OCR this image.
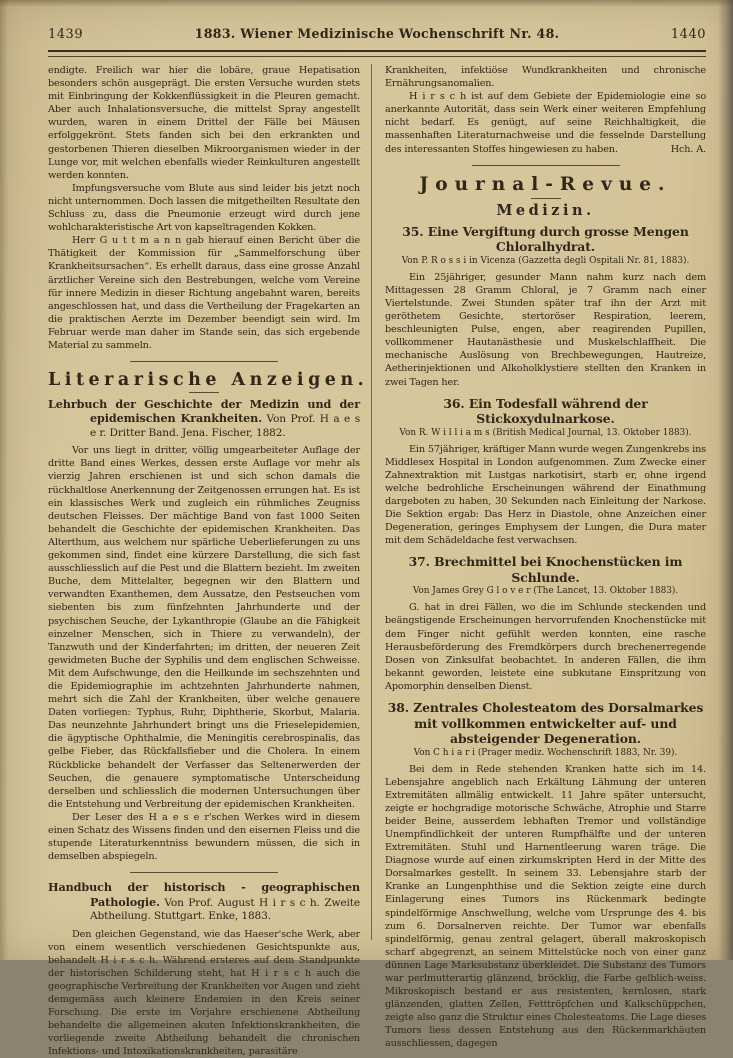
1439	1883. Wiener Medizinische Wochenschrift Nr. 48.	1440

endigte. Freilich war hier die lobäre, graue Hepatisation besonders schön ausgeprägt. Die ersten Versuche wurden stets mit Einbringung der Kokkenflüssigkeit in die Pleuren gemacht. Aber auch Inhalationsversuche, die mittelst Spray angestellt wurden, waren in einem Drittel der Fälle bei Mäusen erfolggekrönt. Stets fanden sich bei den erkrankten und gestorbenen Thieren dieselben Mikroorganismen wieder in der Lunge vor, mit welchen ebenfalls wieder Reinkulturen angestellt werden konnten.

Impfungsversuche vom Blute aus sind leider bis jetzt noch nicht unternommen. Doch lassen die mitgetheilten Resultate den Schluss zu, dass die Pneumonie erzeugt wird durch jene wohlcharakteristische Art von kapseltragenden Kokken.

Herr G u t t m a n n gab hierauf einen Bericht über die Thätigkeit der Kommission für „Sammelforschung über Krankheitsursachen“. Es erhellt daraus, dass eine grosse Anzahl ärztlicher Vereine sich den Bestrebungen, welche vom Vereine für innere Medizin in dieser Richtung angebahnt waren, bereits angeschlossen hat, und dass die Vertheilung der Fragekarten an die praktischen Aerzte im Dezember beendigt sein wird. Im Februar werde man daher im Stande sein, das sich ergebende Material zu sammeln.

Literarische Anzeigen.

Lehrbuch der Geschichte der Medizin und der epidemischen Krankheiten. Von Prof. H a e s e r. Dritter Band. Jena. Fischer, 1882.

Vor uns liegt in dritter, völlig umgearbeiteter Auflage der dritte Band eines Werkes, dessen erste Auflage vor mehr als vierzig Jahren erschienen ist und sich schon damals die rückhaltlose Anerkennung der Zeitgenossen errungen hat. Es ist ein klassisches Werk und zugleich ein rühmliches Zeugniss deutschen Fleisses. Der mächtige Band von fast 1000 Seiten behandelt die Geschichte der epidemischen Krankheiten. Das Alterthum, aus welchem nur spärliche Ueberlieferungen zu uns gekommen sind, findet eine kürzere Darstellung, die sich fast ausschliesslich auf die Pest und die Blattern bezieht. Im zweiten Buche, dem Mittelalter, begegnen wir den Blattern und verwandten Exanthemen, dem Aussatze, den Pestseuchen vom siebenten bis zum fünfzehnten Jahrhunderte und der psychischen Seuche, der Lykanthropie (Glaube an die Fähigkeit einzelner Menschen, sich in Thiere zu verwandeln), der Tanzwuth und der Kinderfahrten; im dritten, der neueren Zeit gewidmeten Buche der Syphilis und dem englischen Schweisse. Mit dem Aufschwunge, den die Heilkunde im sechszehnten und die Epidemiographie im achtzehnten Jahrhunderte nahmen, mehrt sich die Zahl der Krankheiten, über welche genauere Daten vorliegen: Typhus, Ruhr, Diphtherie, Skorbut, Malaria. Das neunzehnte Jahrhundert bringt uns die Frieselepidemien, die ägyptische Ophthalmie, die Meningitis cerebrospinalis, das gelbe Fieber, das Rückfallsfieber und die Cholera. In einem Rückblicke behandelt der Verfasser das Seltenerwerden der Seuchen, die genauere symptomatische Unterscheidung derselben und schliesslich die modernen Untersuchungen über die Entstehung und Verbreitung der epidemischen Krankheiten.

Der Leser des H a e s e r'schen Werkes wird in diesem einen Schatz des Wissens finden und den eisernen Fleiss und die stupende Literaturkenntniss bewundern müssen, die sich in demselben abspiegeln.

Handbuch der historisch - geographischen Pathologie. Von Prof. August H i r s c h. Zweite Abtheilung. Stuttgart. Enke, 1883.

Den gleichen Gegenstand, wie das Haeser'sche Werk, aber von einem wesentlich verschiedenen Gesichtspunkte aus, behandelt H i r s c h. Während ersteres auf dem Standpunkte der historischen Schilderung steht, hat H i r s c h auch die geographische Verbreitung der Krankheiten vor Augen und zieht demgemäss auch kleinere Endemien in den Kreis seiner Forschung. Die erste im Vorjahre erschienene Abtheilung behandelte die allgemeinen akuten Infektionskrankheiten, die vorliegende zweite Abtheilung behandelt die chronischen Infektions- und Intoxikationskrankheiten, parasitäre

Krankheiten, infektiöse Wundkrankheiten und chronische Ernährungsanomalien.

H i r s c h ist auf dem Gebiete der Epidemiologie eine so anerkannte Autorität, dass sein Werk einer weiteren Empfehlung nicht bedarf. Es genügt, auf seine Reichhaltigkeit, die massenhaften Literaturnachweise und die fesselnde Darstellung des interessanten Stoffes hingewiesen zu haben.	Hch. A.

Journal-Revue.
Medizin.
35. Eine Vergiftung durch grosse Mengen Chloralhydrat.

Von P. R o s s i in Vicenza (Gazzetta degli Ospitali Nr. 81, 1883).

Ein 25jähriger, gesunder Mann nahm kurz nach dem Mittagessen 28 Gramm Chloral, je 7 Gramm nach einer Viertelstunde. Zwei Stunden später traf ihn der Arzt mit geröthetem Gesichte, stertoröser Respiration, leerem, beschleunigten Pulse, engen, aber reagirenden Pupillen, vollkommener Hautanästhesie und Muskelschlaffheit. Die mechanische Auslösung von Brechbewegungen, Hautreize, Aetherinjektionen und Alkoholklystiere stellten den Kranken in zwei Tagen her.

36. Ein Todesfall während der Stickoxydulnarkose.

Von R. W i l l i a m s (British Medical Journal, 13. Oktober 1883).

Ein 57jähriger, kräftiger Mann wurde wegen Zungenkrebs ins Middlesex Hospital in London aufgenommen. Zum Zwecke einer Zahnextraktion mit Lustgas narkotisirt, starb er, ohne irgend welche bedrohliche Erscheinungen während der Einathmung dargeboten zu haben, 30 Sekunden nach Einleitung der Narkose. Die Sektion ergab: Das Herz in Diastole, ohne Anzeichen einer Degeneration, geringes Emphysem der Lungen, die Dura mater mit dem Schädeldache fest verwachsen.

37. Brechmittel bei Knochenstücken im Schlunde.

Von James Grey G l o v e r (The Lancet, 13. Oktober 1883).

G. hat in drei Fällen, wo die im Schlunde steckenden und beängstigende Erscheinungen hervorrufenden Knochenstücke mit dem Finger nicht gefühlt werden konnten, eine rasche Herausbeförderung des Fremdkörpers durch brechenerregende Dosen von Zinksulfat beobachtet. In anderen Fällen, die ihm bekannt geworden, leistete eine subkutane Einspritzung von Apomorphin denselben Dienst.

38. Zentrales Cholesteatom des Dorsalmarkes mit vollkommen entwickelter auf- und absteigender Degeneration.

Von C h i a r i (Prager mediz. Wochenschrift 1883, Nr. 39).

Bei dem in Rede stehenden Kranken hatte sich im 14. Lebensjahre angeblich nach Erkältung Lähmung der unteren Extremitäten allmälig entwickelt. 11 Jahre später untersucht, zeigte er hochgradige motorische Schwäche, Atrophie und Starre beider Beine, ausserdem lebhaften Tremor und vollständige Unempfindlichkeit der unteren Rumpfhälfte und der unteren Extremitäten. Stuhl und Harnentleerung waren träge. Die Diagnose wurde auf einen zirkumskripten Herd in der Mitte des Dorsalmarkes gestellt. In seinem 33. Lebensjahre starb der Kranke an Lungenphthise und die Sektion zeigte eine durch Einlagerung eines Tumors ins Rückenmark bedingte spindelförmige Anschwellung, welche vom Ursprunge des 4. bis zum 6. Dorsalnerven reichte. Der Tumor war ebenfalls spindelförmig, genau zentral gelagert, überall makroskopisch scharf abgegrenzt, an seinem Mittelstücke noch von einer ganz dünnen Lage Marksubstanz überkleidet. Die Substanz des Tumors war perlmutterartig glänzend, bröcklig, die Farbe gelblich-weiss. Mikroskopisch bestand er aus resistenten, kernlosen, stark glänzenden, glatten Zellen, Fetttröpfchen und Kalkschüppchen, zeigte also ganz die Struktur eines Cholesteatoms. Die Lage dieses Tumors liess dessen Entstehung aus den Rückenmarkhäuten ausschliessen, dagegen
